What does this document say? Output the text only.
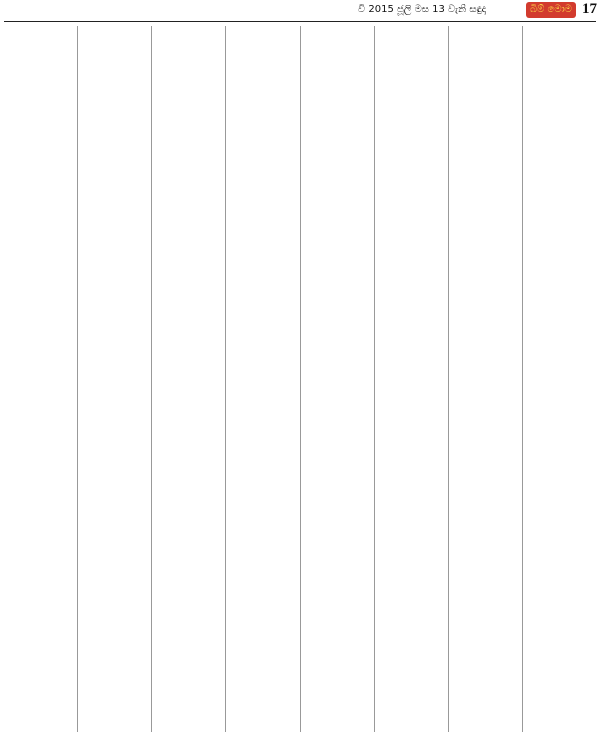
වි 2015 ජූලි මස 13 වැනි සඳුදා	බිම් මොම 17
